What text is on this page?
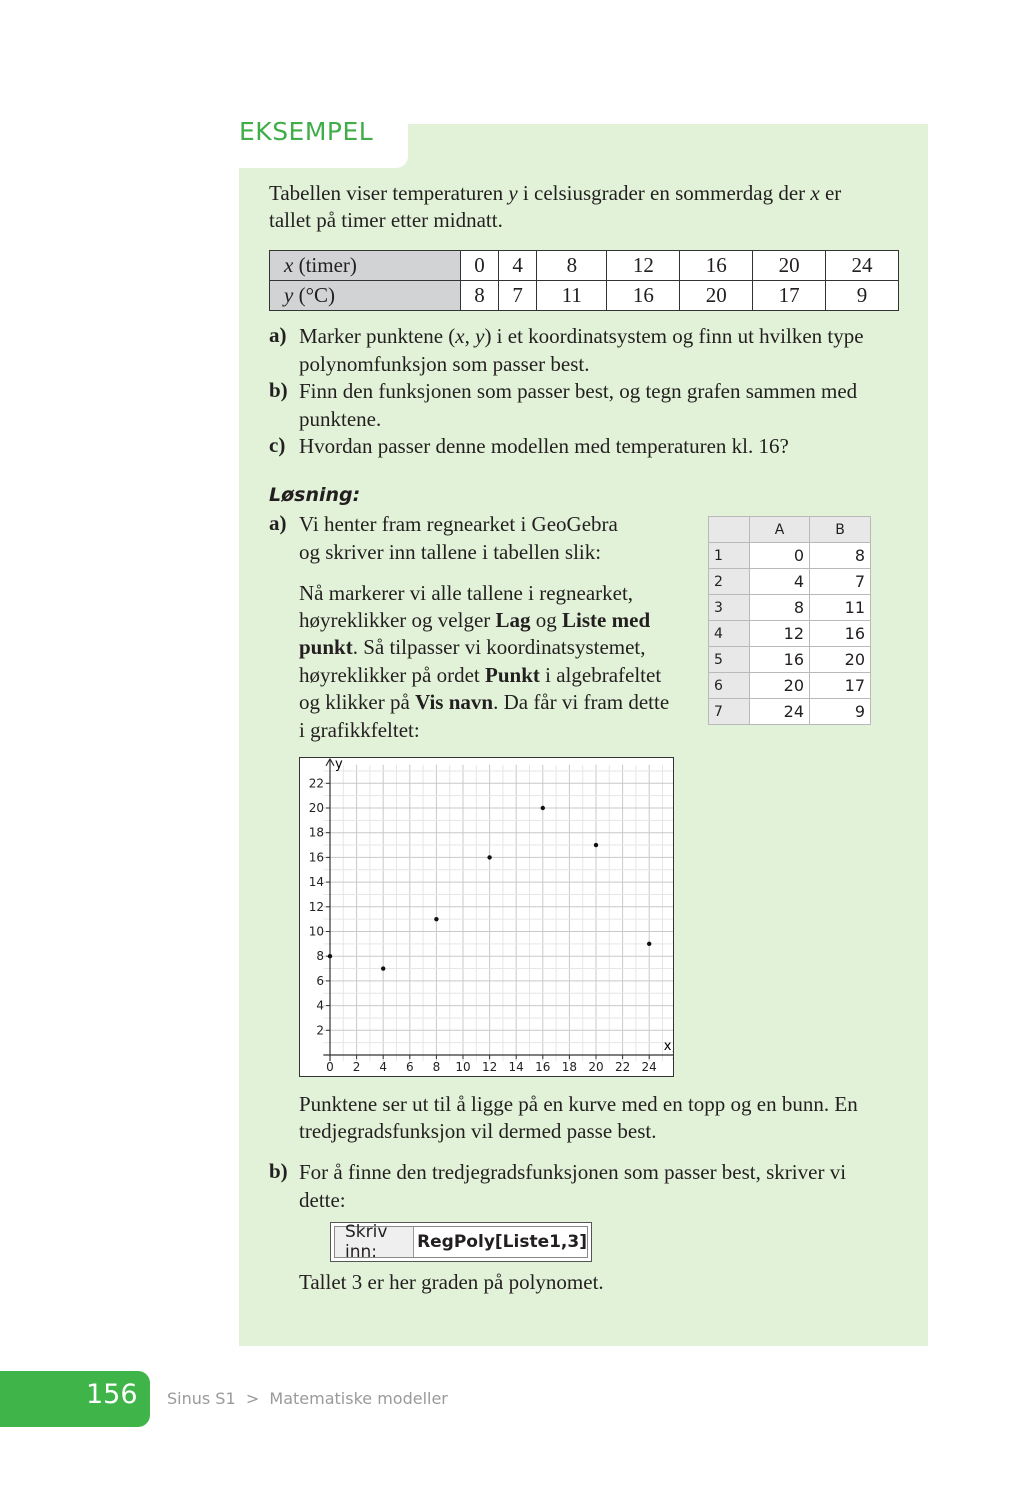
EKSEMPEL
Tabellen viser temperaturen y i celsiusgrader en sommerdag der x er
tallet på timer etter midnatt.
x (timer)	0	4	8	12	16	20	24
y (°C)	8	7	11	16	20	17	9
a) Marker punktene (x, y) i et koordinatsystem og finn ut hvilken type
polynomfunksjon som passer best.
b) Finn den funksjonen som passer best, og tegn grafen sammen med
punktene.
c) Hvordan passer denne modellen med temperaturen kl. 16?
Løsning:
a) Vi henter fram regnearket i GeoGebra
og skriver inn tallene i tabellen slik:
Nå markerer vi alle tallene i regnearket,
høyreklikker og velger Lag og Liste med
punkt. Så tilpasser vi koordinatsystemet,
høyreklikker på ordet Punkt i algebrafeltet
og klikker på Vis navn. Da får vi fram dette
i grafikkfeltet:
	A	B
1	0	8
2	4	7
3	8	11
4	12	16
5	16	20
6	20	17
7	24	9
0 2 4 6 8 10 12 14 16 18 20 22 24
2
4
6
8
10
12
14
16
18
20
22
x
y
Punktene ser ut til å ligge på en kurve med en topp og en bunn. En
tredjegradsfunksjon vil dermed passe best.
b) For å finne den tredjegradsfunksjonen som passer best, skriver vi
dette:
Skriv inn:	RegPoly[Liste1,3]
Tallet 3 er her graden på polynomet.
156 Sinus S1 > Matematiske modeller
